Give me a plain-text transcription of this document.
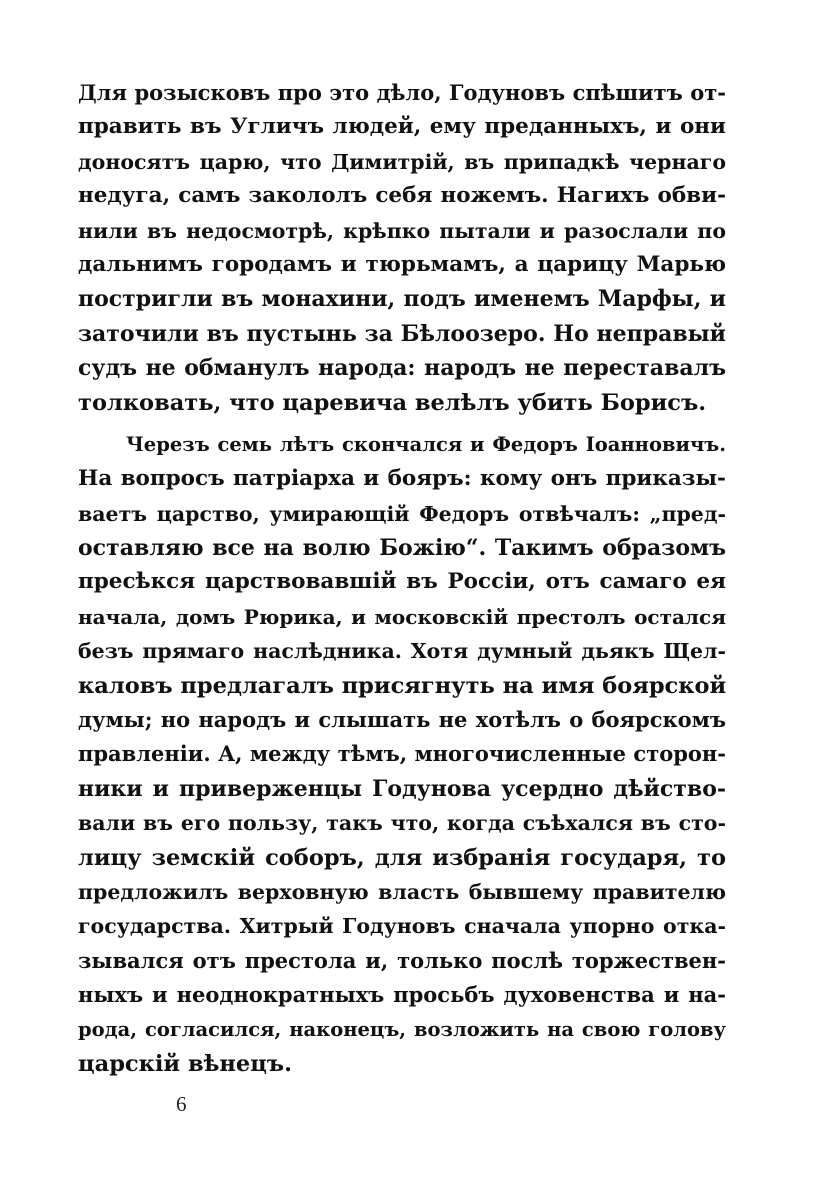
Для розысковъ про это дѣло, Годуновъ спѣшитъ от-
править въ Угличъ людей, ему преданныхъ, и они
доносятъ царю, что Димитрій, въ припадкѣ чернаго
недуга, самъ закололъ себя ножемъ. Нагихъ обви-
нили въ недосмотрѣ, крѣпко пытали и разослали по
дальнимъ городамъ и тюрьмамъ, а царицу Марью
постригли въ монахини, подъ именемъ Марфы, и
заточили въ пустынь за Бѣлоозеро. Но неправый
судъ не обманулъ народа: народъ не переставалъ
толковать, что царевича велѣлъ убить Борисъ.
Черезъ семь лѣтъ скончался и Федоръ Іоанновичъ.
На вопросъ патріарха и бояръ: кому онъ приказы-
ваетъ царство, умирающій Федоръ отвѣчалъ: „пред-
оставляю все на волю Божію“. Такимъ образомъ
пресѣкся царствовавшій въ Россіи, отъ самаго ея
начала, домъ Рюрика, и московскій престолъ остался
безъ прямаго наслѣдника. Хотя думный дьякъ Щел-
каловъ предлагалъ присягнуть на имя боярской
думы; но народъ и слышать не хотѣлъ о боярскомъ
правленіи. А, между тѣмъ, многочисленные сторон-
ники и приверженцы Годунова усердно дѣйство-
вали въ его пользу, такъ что, когда съѣхался въ сто-
лицу земскій соборъ, для избранія государя, то
предложилъ верховную власть бывшему правителю
государства. Хитрый Годуновъ сначала упорно отка-
зывался отъ престола и, только послѣ торжествен-
ныхъ и неоднократныхъ просьбъ духовенства и на-
рода, согласился, наконецъ, возложить на свою голову
царскій вѣнецъ.
6
